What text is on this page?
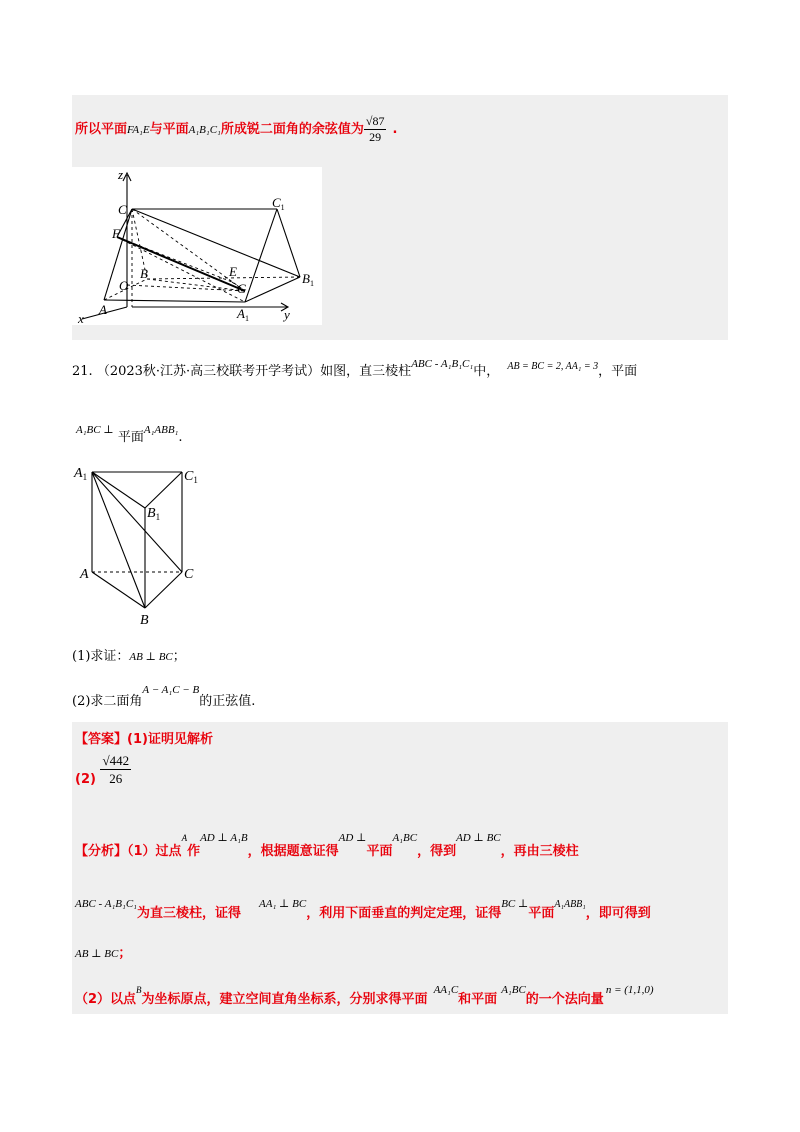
所以平面FA₁E与平面A₁B₁C₁所成锐二面角的余弦值为 $\frac{√87}{29}$ .
z
C	$C_1$
F
B	E
O	G
$B_1$
A	$A_1$
x	y
21. （2023秋·江苏·高三校联考开学考试）如图，直三棱柱$^{ABC - A_1B_1C_1}$中， $^{AB = BC = 2, AA_1 = 3}$，平面
A₁BC ⊥ 平面A₁ABB₁.
$A_1$	$C_1$
$B_1$
A	C
B
(1)求证：AB ⊥ BC；
(2)求二面角A − A₁C − B的正弦值.
【答案】(1)证明见解析
$(2) \frac{√442}{26}$
【分析】（1）过点A作AD ⊥ A₁B，根据题意证得AD ⊥平面A₁BC，得到AD ⊥ BC，再由三棱柱
ABC - A₁B₁C₁为直三棱柱，证得AA₁ ⊥ BC，利用下面垂直的判定定理，证得BC ⊥平面A₁ABB₁，即可得到
AB ⊥ BC；
（2）以点B为坐标原点，建立空间直角坐标系，分别求得平面AA₁C和平面A₁BC的一个法向量n = (1,1,0)
